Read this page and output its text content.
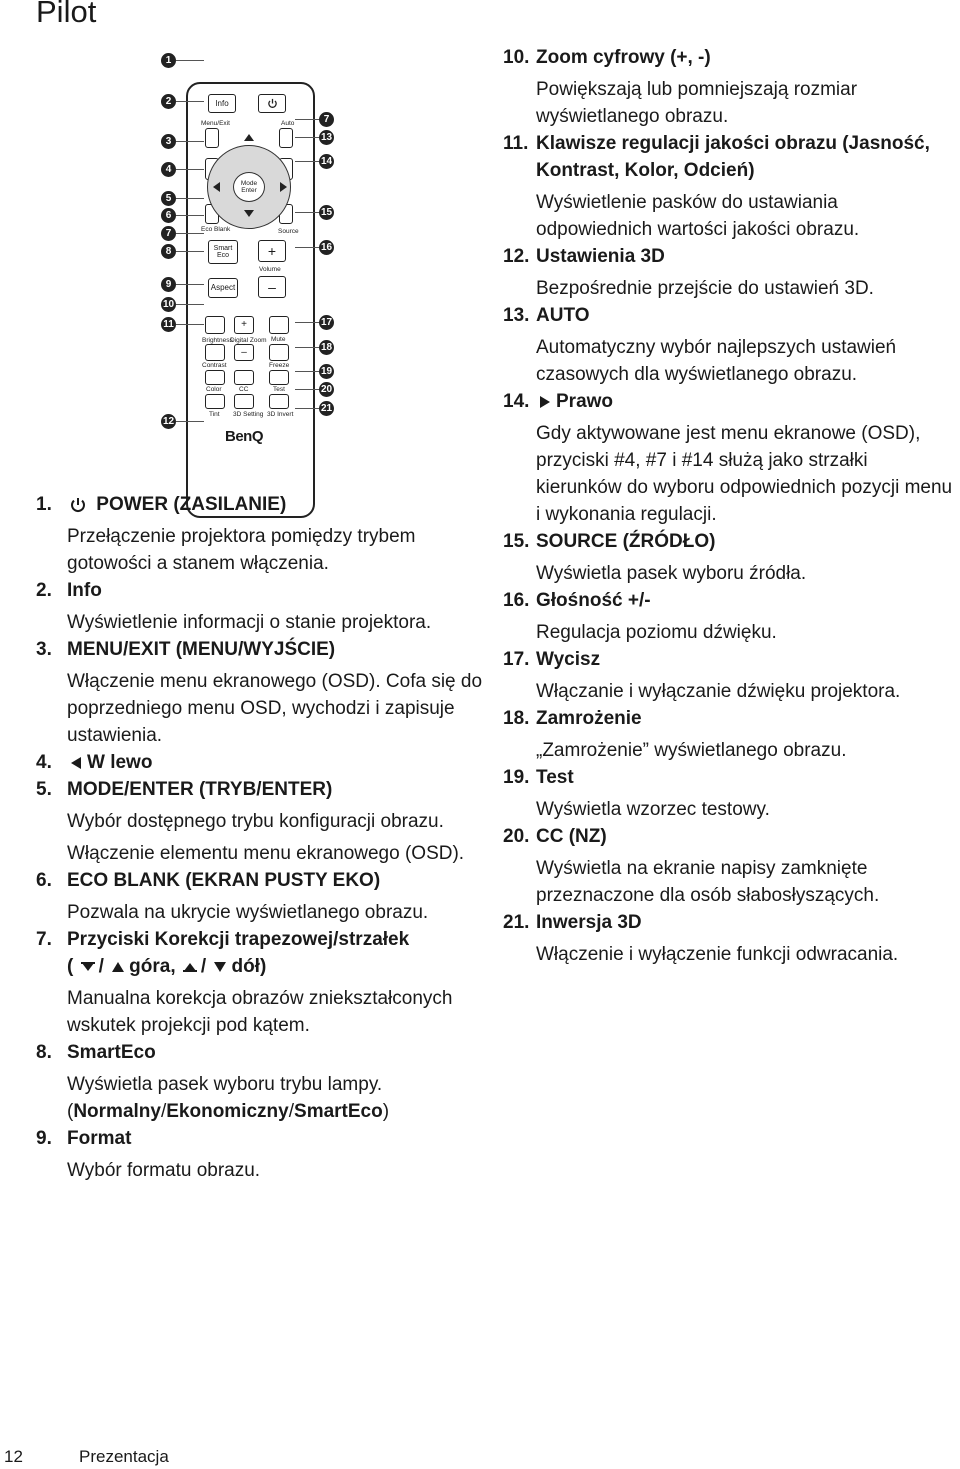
Pilot
Info
Menu/Exit	Auto
Mode
Enter
Eco Blank	Source
Smart
Eco	+
Volume
Aspect	–
+
Brightness
Digital Zoom Mute
–
Contrast	Freeze
Color	CC	Test
Tint 3D Setting 3D Invert
BenQ
1
2
3
4
5
6
7
8
9
10
11
12
7
13
14
15
16
17
18
19
20
21
1.	POWER (ZASILANIE)
Przełączenie projektora pomiędzy trybem gotowości a stanem włączenia.
2. Info
Wyświetlenie informacji o stanie projektora.
3. MENU/EXIT (MENU/WYJŚCIE)
Włączenie menu ekranowego (OSD). Cofa się do poprzedniego menu OSD, wychodzi i zapisuje ustawienia.
4.	W lewo
5. MODE/ENTER (TRYB/ENTER)
Wybór dostępnego trybu konfiguracji obrazu.
Włączenie elementu menu ekranowego (OSD).
6. ECO BLANK (EKRAN PUSTY EKO)
Pozwala na ukrycie wyświetlanego obrazu.
7. Przyciski Korekcji trapezowej/strzałek
( / góra, / dół)
Manualna korekcja obrazów zniekształconych wskutek projekcji pod kątem.
8. SmartEco
Wyświetla pasek wyboru trybu lampy.
(Normalny/Ekonomiczny/SmartEco)
9. Format
Wybór formatu obrazu.
10. Zoom cyfrowy (+, -)
Powiększają lub pomniejszają rozmiar wyświetlanego obrazu.
11. Klawisze regulacji jakości obrazu (Jasność, Kontrast, Kolor, Odcień)
Wyświetlenie pasków do ustawiania odpowiednich wartości jakości obrazu.
12. Ustawienia 3D
Bezpośrednie przejście do ustawień 3D.
13. AUTO
Automatyczny wybór najlepszych ustawień czasowych dla wyświetlanego obrazu.
14.	Prawo
Gdy aktywowane jest menu ekranowe (OSD), przyciski #4, #7 i #14 służą jako strzałki kierunków do wyboru odpowiednich pozycji menu i wykonania regulacji.
15. SOURCE (ŹRÓDŁO)
Wyświetla pasek wyboru źródła.
16. Głośność +/-
Regulacja poziomu dźwięku.
17. Wycisz
Włączanie i wyłączanie dźwięku projektora.
18. Zamrożenie
„Zamrożenie” wyświetlanego obrazu.
19. Test
Wyświetla wzorzec testowy.
20. CC (NZ)
Wyświetla na ekranie napisy zamknięte przeznaczone dla osób słabosłyszących.
21. Inwersja 3D
Włączenie i wyłączenie funkcji odwracania.
12	Prezentacja
